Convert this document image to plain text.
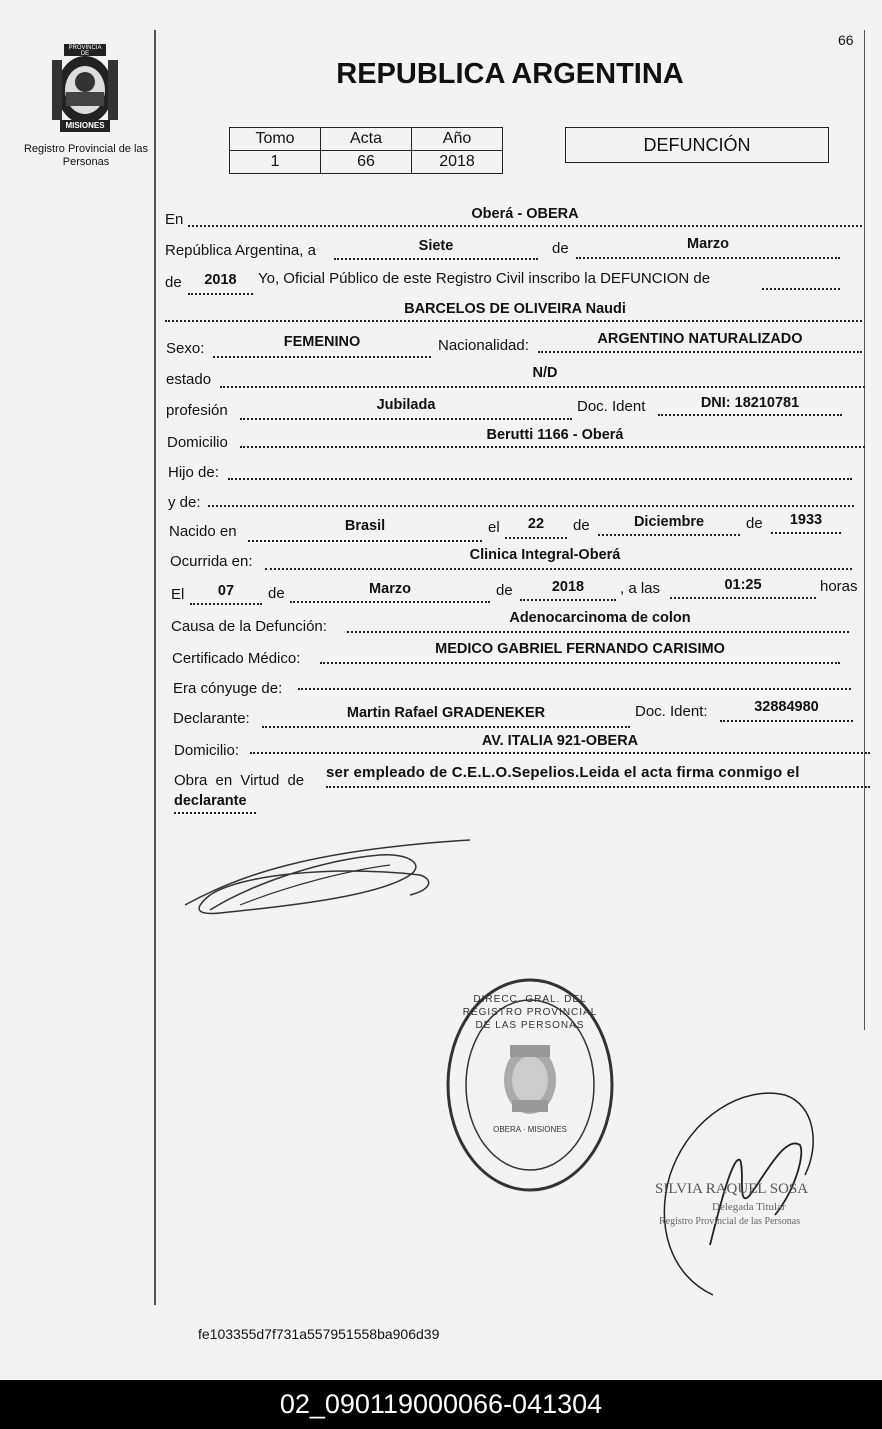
PROVINCIA DE
MISIONES
Registro Provincial de las Personas
66
REPUBLICA ARGENTINA
Tomo	Acta	Año
1	66	2018
DEFUNCIÓN
En	Oberá - OBERA
República Argentina, a	Siete	de	Marzo
de	2018	Yo, Oficial Público de este Registro Civil inscribo la DEFUNCION de
BARCELOS DE OLIVEIRA Naudi
Sexo:	FEMENINO	Nacionalidad:	ARGENTINO NATURALIZADO
estado	N/D
profesión	Jubilada	Doc. Ident	DNI: 18210781
Domicilio	Berutti 1166 - Oberá
Hijo de:
y de:
Nacido en	Brasil	el	22	de	Diciembre	de	1933
Ocurrida en:	Clinica Integral-Oberá
El	07	de	Marzo	de	2018	, a las	01:25	horas
Causa de la Defunción:	Adenocarcinoma de colon
Certificado Médico:
MEDICO GABRIEL FERNANDO CARISIMO
Era cónyuge de:
Declarante:	Martin Rafael GRADENEKER	Doc. Ident:	32884980
Domicilio:
AV. ITALIA 921-OBERA
Obra en Virtud de ser empleado de C.E.L.O.Sepelios.Leida el acta firma conmigo el
declarante
DIRECC. GRAL. DEL REGISTRO PROVINCIAL DE LAS PERSONAS
OBERA · MISIONES
SILVIA RAQUEL SOSA
Delegada Titular
Registro Provincial de las Personas
fe103355d7f731a557951558ba906d39
02_090119000066-041304
